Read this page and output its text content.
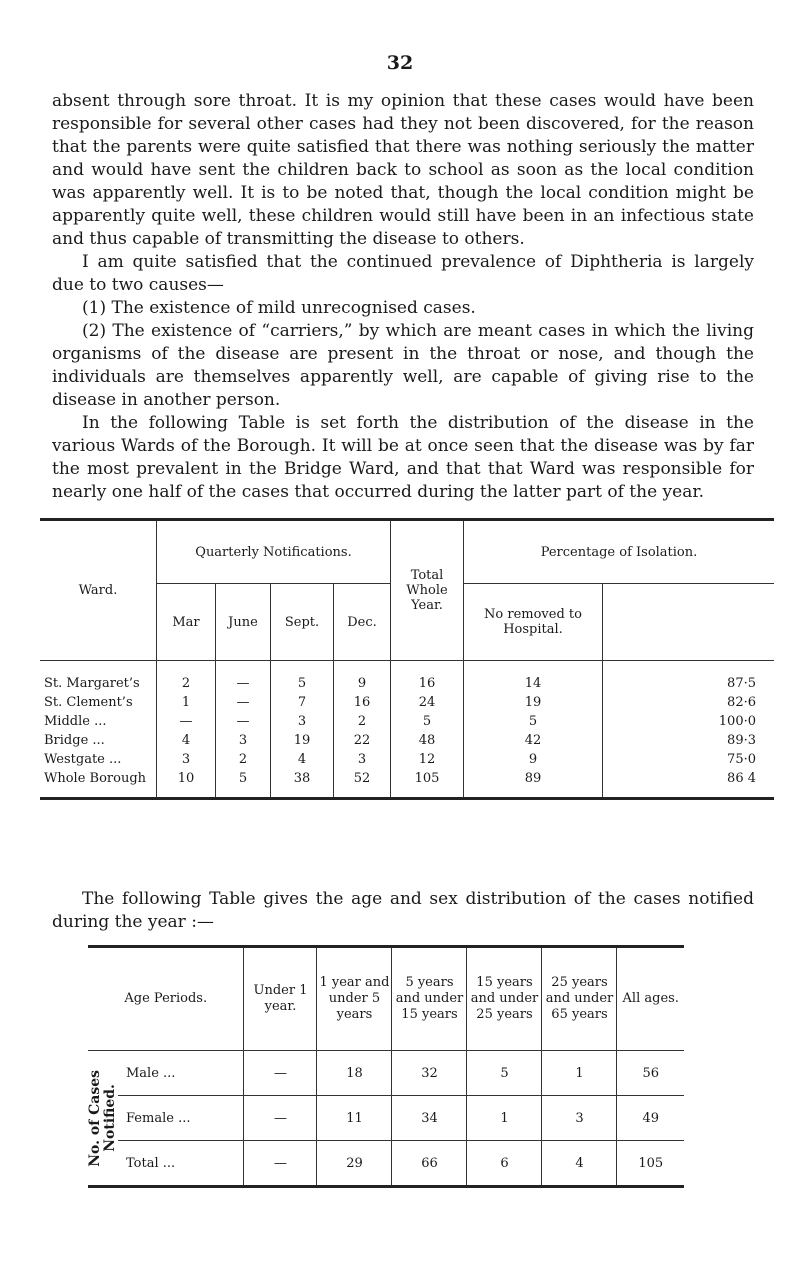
32

absent through sore throat. It is my opinion that these cases would have been responsible for several other cases had they not been discovered, for the reason that the parents were quite satisfied that there was nothing seriously the matter and would have sent the children back to school as soon as the local condition was apparently well. It is to be noted that, though the local condition might be apparently quite well, these children would still have been in an infectious state and thus capable of transmitting the disease to others.

I am quite satisfied that the continued prevalence of Diphtheria is largely due to two causes—

(1) The existence of mild unrecognised cases.

(2) The existence of “carriers,” by which are meant cases in which the living organisms of the disease are present in the throat or nose, and though the individuals are themselves apparently well, are capable of giving rise to the disease in another person.

In the following Table is set forth the distribution of the disease in the various Wards of the Borough. It will be at once seen that the disease was by far the most prevalent in the Bridge Ward, and that that Ward was responsible for nearly one half of the cases that occurred during the latter part of the year.

Ward.	Quarterly Notifications.				Total Whole Year.	Percentage of Isolation.	
	Mar	June	Sept.	Dec.		No removed to Hospital.	
St. Margaret’s	2	—	5	9	16	14	87·5
St. Clement’s	1	—	7	16	24	19	82·6
Middle ...	—	—	3	2	5	5	100·0
Bridge ...	4	3	19	22	48	42	89·3
Westgate ...	3	2	4	3	12	9	75·0
Whole Borough	10	5	38	52	105	89	86 4
The following Table gives the age and sex distribution of the cases notified during the year :—
Age Periods.		Under 1 year.	1 year and under 5 years	5 years and under 15 years	15 years and under 25 years	25 years and under 65 years	All ages.

No. of Cases Notified.	Male ...	—	18	32	5	1	56
	Female ...	—	11	34	1	3	49
	Total ...	—	29	66	6	4	105
